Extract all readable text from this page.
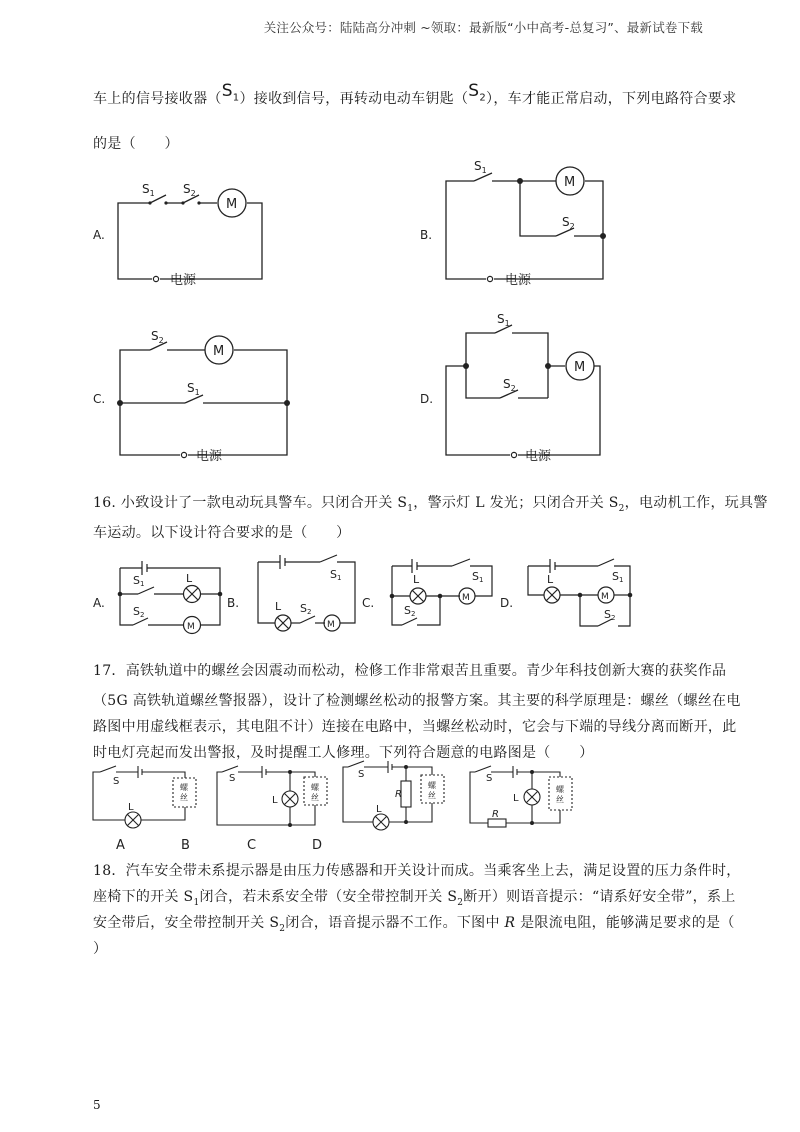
关注公众号：陆陆高分冲刺 ~领取：最新版“小中高考-总复习”、最新试卷下载
车上的信号接收器$(S_1)$接收到信号，再转动电动车钥匙$(S_2)$，车才能正常启动，下列电路符合要求
的是（　　）
M
M
M
M
$S_1$ $S_2$
$S_1$
$S_2$
$S_2$
$S_1$
$S_1$
$S_2$
电源	电源
电源	电源
A.	B.
C.	D.
16. 小致设计了一款电动玩具警车。只闭合开关 $S_1$，警示灯 L 发光；只闭合开关 $S_2$，电动机工作，玩具警
车运动。以下设计符合要求的是（　　）
S1
S2
L
M
S1
L S2
M
S1
L
S2
M
S1
L
S2
M
A.	B.	C.	D.
17．高铁轨道中的螺丝会因震动而松动，检修工作非常艰苦且重要。青少年科技创新大赛的获奖作品
（5G 高铁轨道螺丝警报器），设计了检测螺丝松动的报警方案。其主要的科学原理是：螺丝（螺丝在电
路图中用虚线框表示，其电阻不计）连接在电路中，当螺丝松动时，它会与下端的导线分离而断开，此
时电灯亮起而发出警报，及时提醒工人修理。下列符合题意的电路图是（　　）
S	S	S	S
L
L
L
L
R
R
螺丝
螺丝
螺丝
螺丝
A	B	C	D
18．汽车安全带未系提示器是由压力传感器和开关设计而成。当乘客坐上去，满足设置的压力条件时，
座椅下的开关 $S_1$闭合，若未系安全带（安全带控制开关 $S_2$断开）则语音提示：“请系好安全带”，系上
安全带后，安全带控制开关 $S_2$闭合，语音提示器不工作。下图中 R 是限流电阻，能够满足要求的是（
）
5
